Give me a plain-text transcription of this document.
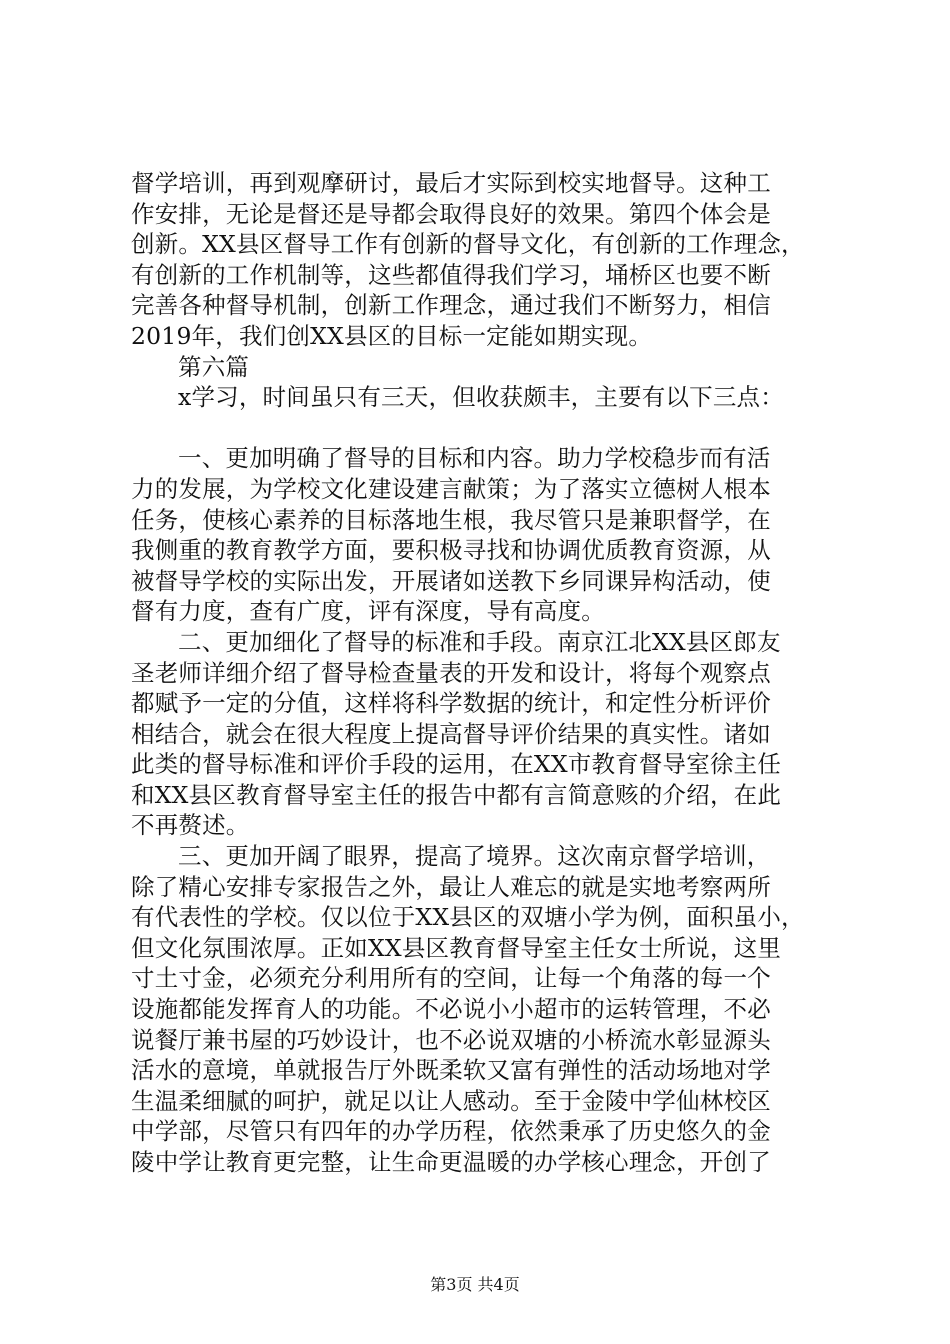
督学培训，再到观摩研讨，最后才实际到校实地督导。这种工
作安排，无论是督还是导都会取得良好的效果。第四个体会是
创新。XX县区督导工作有创新的督导文化，有创新的工作理念，
有创新的工作机制等，这些都值得我们学习，埇桥区也要不断
完善各种督导机制，创新工作理念，通过我们不断努力，相信
2019年，我们创XX县区的目标一定能如期实现。
第六篇
x学习，时间虽只有三天，但收获颇丰，主要有以下三点：
一、更加明确了督导的目标和内容。助力学校稳步而有活
力的发展，为学校文化建设建言献策；为了落实立德树人根本
任务，使核心素养的目标落地生根，我尽管只是兼职督学，在
我侧重的教育教学方面，要积极寻找和协调优质教育资源，从
被督导学校的实际出发，开展诸如送教下乡同课异构活动，使
督有力度，查有广度，评有深度，导有高度。
二、更加细化了督导的标准和手段。南京江北XX县区郎友
圣老师详细介绍了督导检查量表的开发和设计，将每个观察点
都赋予一定的分值，这样将科学数据的统计，和定性分析评价
相结合，就会在很大程度上提高督导评价结果的真实性。诸如
此类的督导标准和评价手段的运用，在XX市教育督导室徐主任
和XX县区教育督导室主任的报告中都有言简意赅的介绍，在此
不再赘述。
三、更加开阔了眼界，提高了境界。这次南京督学培训，
除了精心安排专家报告之外，最让人难忘的就是实地考察两所
有代表性的学校。仅以位于XX县区的双塘小学为例，面积虽小，
但文化氛围浓厚。正如XX县区教育督导室主任女士所说，这里
寸土寸金，必须充分利用所有的空间，让每一个角落的每一个
设施都能发挥育人的功能。不必说小小超市的运转管理，不必
说餐厅兼书屋的巧妙设计，也不必说双塘的小桥流水彰显源头
活水的意境，单就报告厅外既柔软又富有弹性的活动场地对学
生温柔细腻的呵护，就足以让人感动。至于金陵中学仙林校区
中学部，尽管只有四年的办学历程，依然秉承了历史悠久的金
陵中学让教育更完整，让生命更温暖的办学核心理念，开创了
第3页 共4页
